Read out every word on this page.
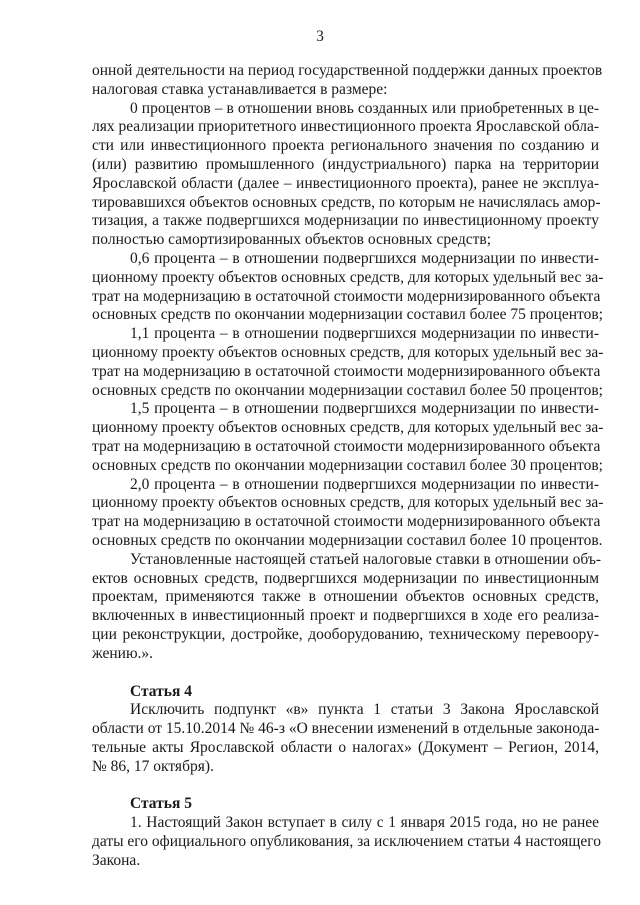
3
онной деятельности на период государственной поддержки данных проектов
налоговая ставка устанавливается в размере:
0 процентов – в отношении вновь созданных или приобретенных в це-
лях реализации приоритетного инвестиционного проекта Ярославской обла-
сти или инвестиционного проекта регионального значения по созданию и
(или) развитию промышленного (индустриального) парка на территории
Ярославской области (далее – инвестиционного проекта), ранее не эксплуа-
тировавшихся объектов основных средств, по которым не начислялась амор-
тизация, а также подвергшихся модернизации по инвестиционному проекту
полностью самортизированных объектов основных средств;
0,6 процента – в отношении подвергшихся модернизации по инвести-
ционному проекту объектов основных средств, для которых удельный вес за-
трат на модернизацию в остаточной стоимости модернизированного объекта
основных средств по окончании модернизации составил более 75 процентов;
1,1 процента – в отношении подвергшихся модернизации по инвести-
ционному проекту объектов основных средств, для которых удельный вес за-
трат на модернизацию в остаточной стоимости модернизированного объекта
основных средств по окончании модернизации составил более 50 процентов;
1,5 процента – в отношении подвергшихся модернизации по инвести-
ционному проекту объектов основных средств, для которых удельный вес за-
трат на модернизацию в остаточной стоимости модернизированного объекта
основных средств по окончании модернизации составил более 30 процентов;
2,0 процента – в отношении подвергшихся модернизации по инвести-
ционному проекту объектов основных средств, для которых удельный вес за-
трат на модернизацию в остаточной стоимости модернизированного объекта
основных средств по окончании модернизации составил более 10 процентов.
Установленные настоящей статьей налоговые ставки в отношении объ-
ектов основных средств, подвергшихся модернизации по инвестиционным
проектам, применяются также в отношении объектов основных средств,
включенных в инвестиционный проект и подвергшихся в ходе его реализа-
ции реконструкции, достройке, дооборудованию, техническому перевоору-
жению.».
Статья 4
Исключить подпункт «в» пункта 1 статьи 3 Закона Ярославской
области от 15.10.2014 № 46-з «О внесении изменений в отдельные законода-
тельные акты Ярославской области о налогах» (Документ – Регион, 2014,
№ 86, 17 октября).
Статья 5
1. Настоящий Закон вступает в силу с 1 января 2015 года, но не ранее
даты его официального опубликования, за исключением статьи 4 настоящего
Закона.
